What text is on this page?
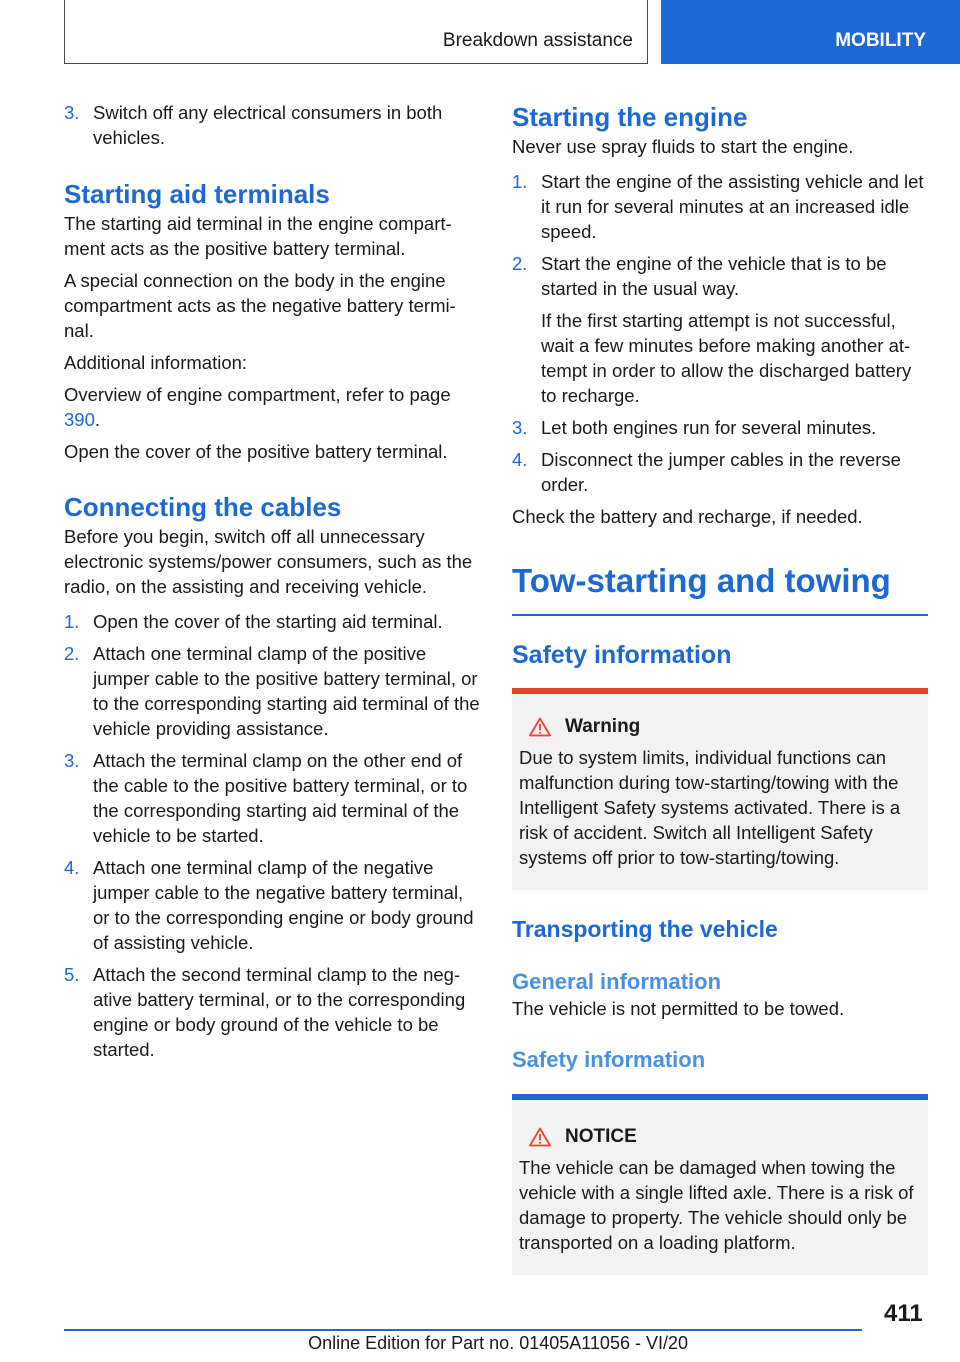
Breakdown assistance	MOBILITY
3. Switch off any electrical consumers in both vehicles.

Starting aid terminals

The starting aid terminal in the engine compart‐ment acts as the positive battery terminal.

A special connection on the body in the engine compartment acts as the negative battery termi‐nal.

Additional information:

Overview of engine compartment, refer to page 390.

Open the cover of the positive battery terminal.

Connecting the cables

Before you begin, switch off all unnecessary electronic systems/power consumers, such as the radio, on the assisting and receiving vehicle.

1. Open the cover of the starting aid terminal.

2. Attach one terminal clamp of the positive jumper cable to the positive battery terminal, or to the corresponding starting aid terminal of the vehicle providing assistance.

3. Attach the terminal clamp on the other end of the cable to the positive battery terminal, or to the corresponding starting aid terminal of the vehicle to be started.

4. Attach one terminal clamp of the negative jumper cable to the negative battery terminal, or to the corresponding engine or body ground of assisting vehicle.

5. Attach the second terminal clamp to the neg‐ative battery terminal, or to the corresponding engine or body ground of the vehicle to be started.

Starting the engine

Never use spray fluids to start the engine.

1. Start the engine of the assisting vehicle and let it run for several minutes at an increased idle speed.

2. Start the engine of the vehicle that is to be started in the usual way.

If the first starting attempt is not successful, wait a few minutes before making another at‐tempt in order to allow the discharged battery to recharge.

3. Let both engines run for several minutes.

4. Disconnect the jumper cables in the reverse order.

Check the battery and recharge, if needed.

Tow-starting and towing
Safety information
Warning

Due to system limits, individual functions can malfunction during tow-starting/towing with the Intelligent Safety systems activated. There is a risk of accident. Switch all Intelligent Safety systems off prior to tow-starting/towing.

Transporting the vehicle
General information

The vehicle is not permitted to be towed.

Safety information
NOTICE

The vehicle can be damaged when towing the vehicle with a single lifted axle. There is a risk of damage to property. The vehicle should only be transported on a loading platform.

411
Online Edition for Part no. 01405A11056 - VI/20
